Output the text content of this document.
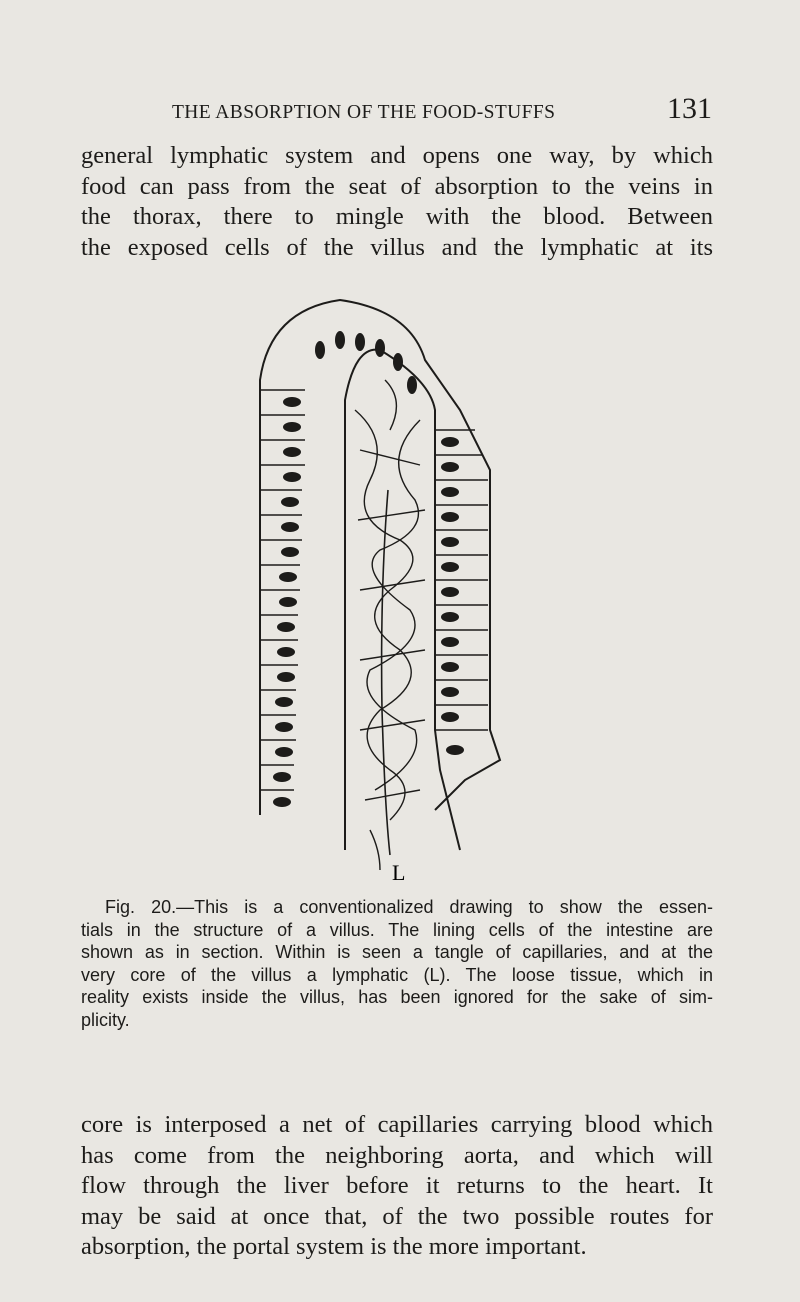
THE ABSORPTION OF THE FOOD-STUFFS	131

general lymphatic system and opens one way, by which
food can pass from the seat of absorption to the veins in
the thorax, there to mingle with the blood. Between
the exposed cells of the villus and the lymphatic at its

L

Fig. 20.—This is a conventionalized drawing to show the essen-
tials in the structure of a villus. The lining cells of the intestine are
shown as in section. Within is seen a tangle of capillaries, and at the
very core of the villus a lymphatic (L). The loose tissue, which in
reality exists inside the villus, has been ignored for the sake of sim-
plicity.

core is interposed a net of capillaries carrying blood which
has come from the neighboring aorta, and which will
flow through the liver before it returns to the heart. It
may be said at once that, of the two possible routes for
absorption, the portal system is the more important.
